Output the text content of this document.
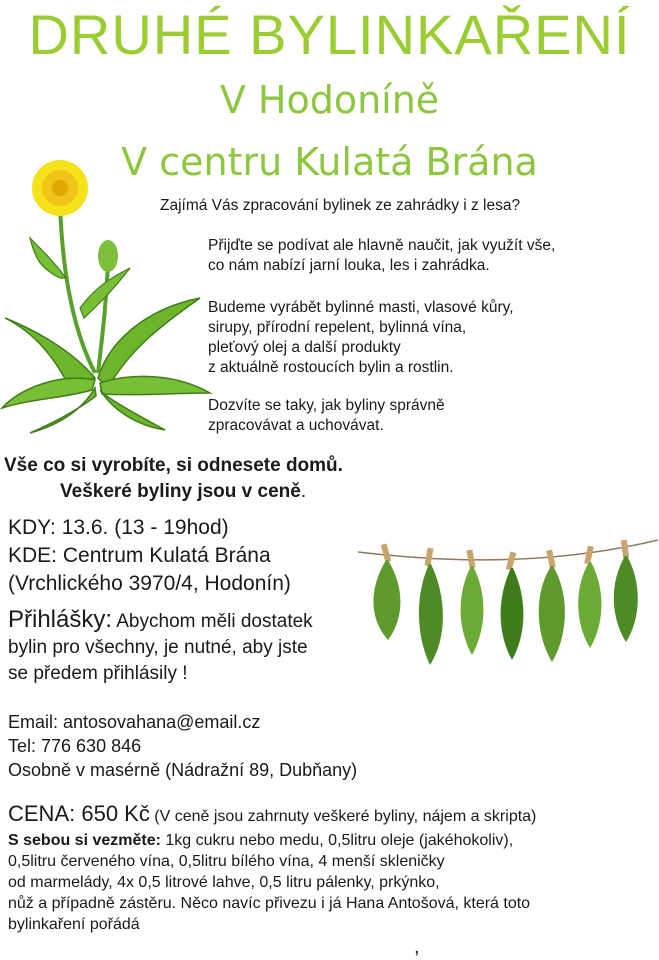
DRUHÉ BYLINKAŘENÍ
V Hodoníně
V centru Kulatá Brána
Zajímá Vás zpracování bylinek ze zahrádky i z lesa?
Přijďte se podívat ale hlavně naučit, jak využít vše,
co nám nabízí jarní louka, les i zahrádka.
Budeme vyrábět bylinné masti, vlasové kůry,
sirupy, přírodní repelent, bylinná vína,
pleťový olej a další produkty
z aktuálně rostoucích bylin a rostlin.
Dozvíte se taky, jak byliny správně
zpracovávat a uchovávat.
Vše co si vyrobíte, si odnesete domů.
Veškeré byliny jsou v ceně.
KDY: 13.6. (13 - 19hod)
KDE: Centrum Kulatá Brána
(Vrchlického 3970/4, Hodonín)
Přihlášky: Abychom měli dostatek
bylin pro všechny, je nutné, aby jste
se předem přihlásily !
Email: antosovahana@email.cz
Tel: 776 630 846
Osobně v masérně (Nádražní 89, Dubňany)
CENA: 650 Kč (V ceně jsou zahrnuty veškeré byliny, nájem a skripta)
S sebou si vezměte: 1kg cukru nebo medu, 0,5litru oleje (jakéhokoliv),
0,5litru červeného vína, 0,5litru bílého vína, 4 menší skleničky
od marmelády, 4x 0,5 litrové lahve, 0,5 litru pálenky, prkýnko,
nůž a případně zástěru. Něco navíc přivezu i já Hana Antošová, která toto
bylinkaření pořádá
,
